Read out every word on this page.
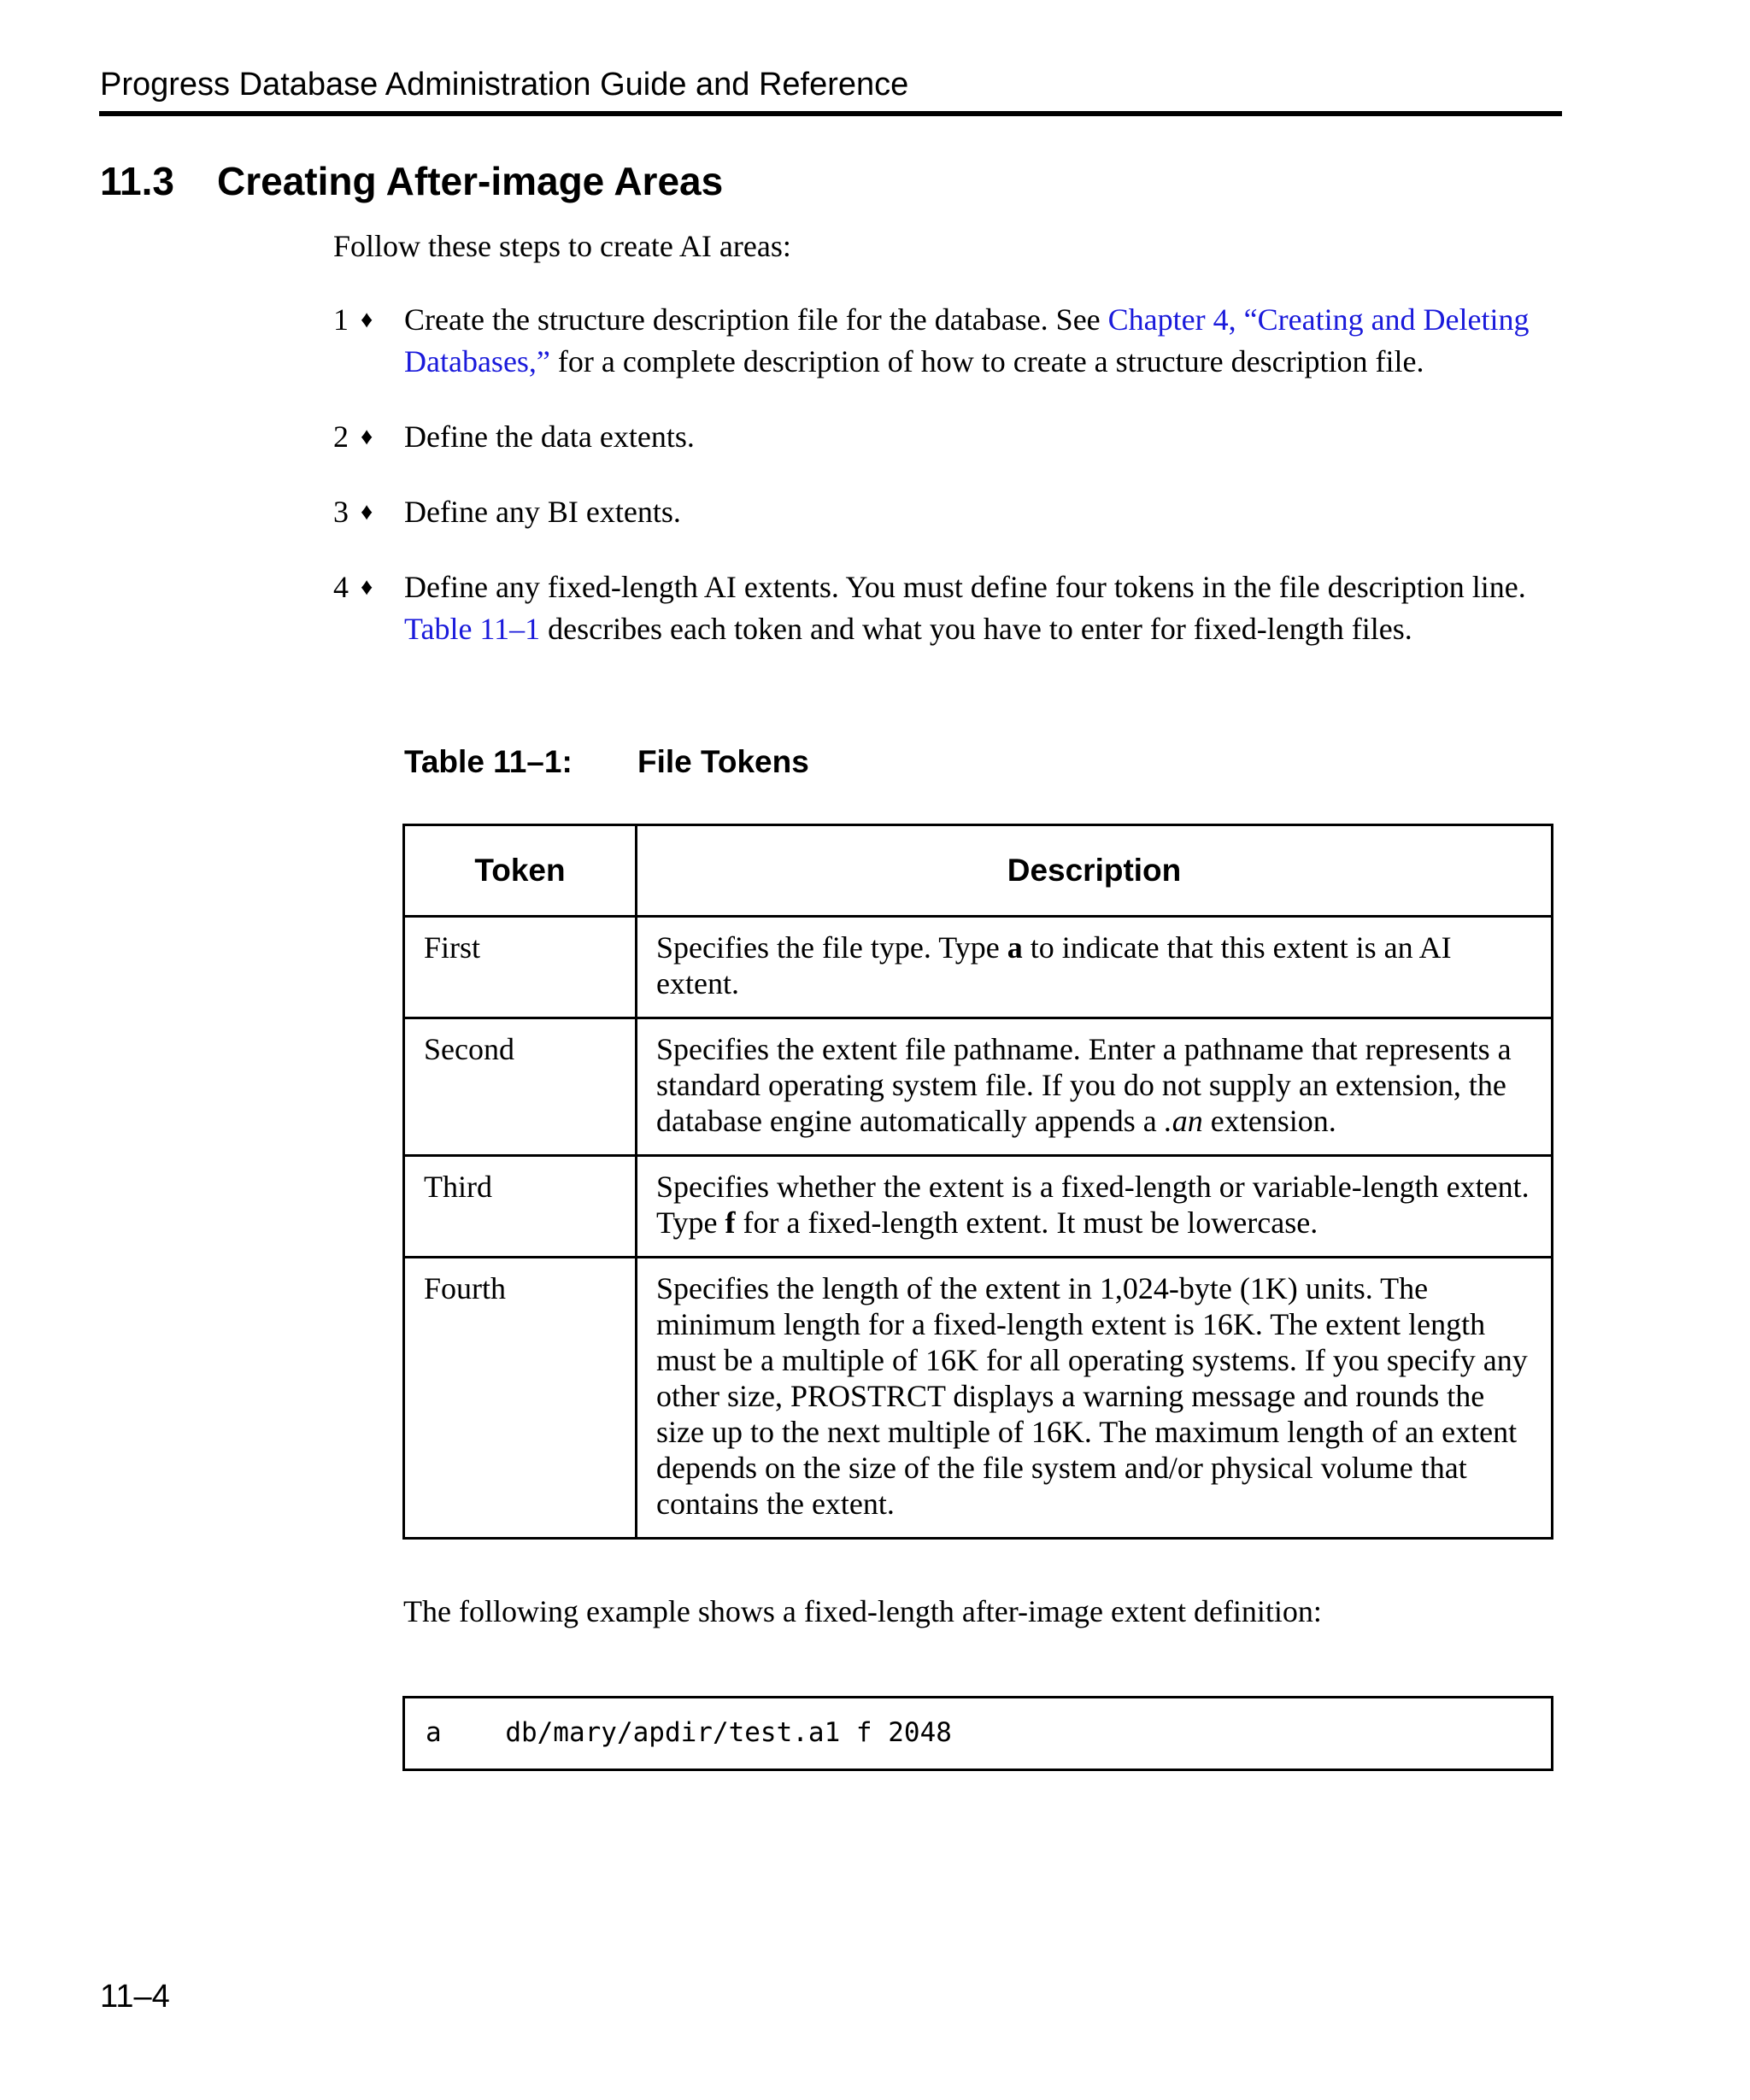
Progress Database Administration Guide and Reference
11.3 Creating After-image Areas
Follow these steps to create AI areas:
1 ♦ Create the structure description file for the database. See Chapter 4, “Creating and Deleting Databases,” for a complete description of how to create a structure description file.
2 ♦ Define the data extents.
3 ♦ Define any BI extents.
4 ♦ Define any fixed-length AI extents. You must define four tokens in the file description line. Table 11–1 describes each token and what you have to enter for fixed-length files.
Table 11–1: File Tokens
Token	Description
First	Specifies the file type. Type a to indicate that this extent is an AI extent.
Second	Specifies the extent file pathname. Enter a pathname that represents a standard operating system file. If you do not supply an extension, the database engine automatically appends a .an extension.
Third	Specifies whether the extent is a fixed-length or variable-length extent. Type f for a fixed-length extent. It must be lowercase.
Fourth	Specifies the length of the extent in 1,024-byte (1K) units. The minimum length for a fixed-length extent is 16K. The extent length must be a multiple of 16K for all operating systems. If you specify any other size, PROSTRCT displays a warning message and rounds the size up to the next multiple of 16K. The maximum length of an extent depends on the size of the file system and/or physical volume that contains the extent.
The following example shows a fixed-length after-image extent definition:
a    db/mary/apdir/test.a1 f 2048
11–4
